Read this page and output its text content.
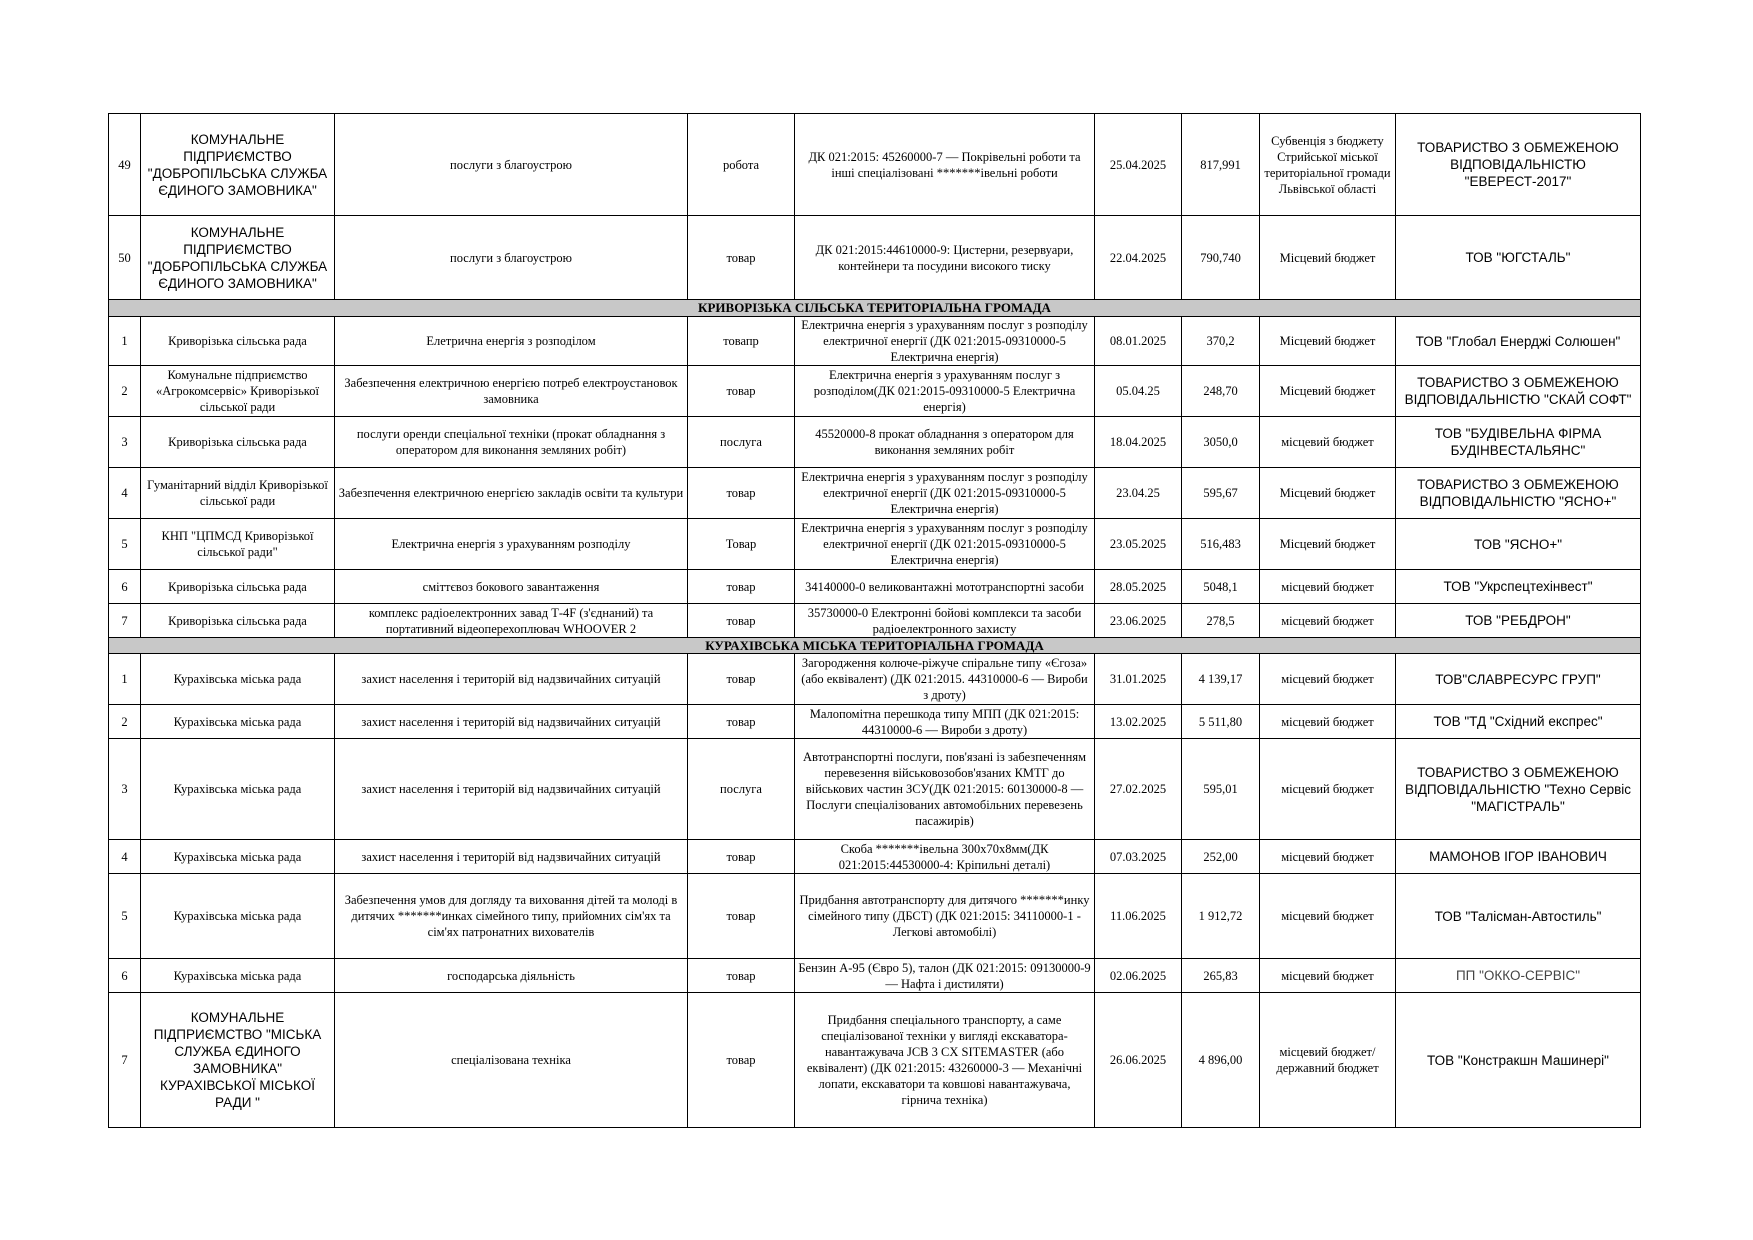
49	КОМУНАЛЬНЕ ПІДПРИЄМСТВО "ДОБРОПІЛЬСЬКА СЛУЖБА ЄДИНОГО ЗАМОВНИКА"	послуги з благоустрою	робота	ДК 021:2015: 45260000-7 — Покрівельні роботи та інші спеціалізовані *******івельні роботи	25.04.2025	817,991	Субвенція з бюджету Стрийської міської територіальної громади Львівської області	ТОВАРИСТВО З ОБМЕЖЕНОЮ ВІДПОВІДАЛЬНІСТЮ "ЕВЕРЕСТ-2017"
50	КОМУНАЛЬНЕ ПІДПРИЄМСТВО "ДОБРОПІЛЬСЬКА СЛУЖБА ЄДИНОГО ЗАМОВНИКА"	послуги з благоустрою	товар	ДК 021:2015:44610000-9: Цистерни, резервуари, контейнери та посудини високого тиску	22.04.2025	790,740	Місцевий бюджет	ТОВ "ЮГСТАЛЬ"
КРИВОРІЗЬКА СІЛЬСЬКА ТЕРИТОРІАЛЬНА ГРОМАДА								
1	Криворізька сільська рада	Елетрична енергія з розподілом	товапр	Електрична енергія з урахуванням послуг з розподілу електричної енергії (ДК 021:2015-09310000-5 Електрична енергія)	08.01.2025	370,2	Місцевий бюджет	ТОВ "Глобал Енерджі Солюшен"
2	Комунальне підприємство «Агрокомсервіс» Криворізької сільської ради	Забезпечення електричною енергією потреб електроустановок замовника	товар	Електрична енергія з урахуванням послуг з розподілом(ДК 021:2015-09310000-5 Електрична енергія)	05.04.25	248,70	Місцевий бюджет	ТОВАРИСТВО З ОБМЕЖЕНОЮ ВІДПОВІДАЛЬНІСТЮ "СКАЙ СОФТ"
3	Криворізька сільська рада	послуги оренди спеціальної техніки (прокат обладнання з оператором для виконання земляних робіт)	послуга	45520000-8 прокат обладнання з оператором для виконання земляних робіт	18.04.2025	3050,0	місцевий бюджет	ТОВ "БУДІВЕЛЬНА ФІРМА БУДІНВЕСТАЛЬЯНС"
4	Гуманітарний відділ Криворізької сільської ради	Забезпечення електричною енергією закладів освіти та культури	товар	Електрична енергія з урахуванням послуг з розподілу електричної енергії (ДК 021:2015-09310000-5 Електрична енергія)	23.04.25	595,67	Місцевий бюджет	ТОВАРИСТВО З ОБМЕЖЕНОЮ ВІДПОВІДАЛЬНІСТЮ "ЯСНО+"
5	КНП "ЦПМСД Криворізької сільської ради"	Електрична енергія з урахуванням розподілу	Товар	Електрична енергія з урахуванням послуг з розподілу електричної енергії (ДК 021:2015-09310000-5 Електрична енергія)	23.05.2025	516,483	Місцевий бюджет	ТОВ "ЯСНО+"
6	Криворізька сільська рада	сміттєвоз бокового завантаження	товар	34140000-0 великовантажні мототранспортні засоби	28.05.2025	5048,1	місцевий бюджет	ТОВ "Укрспецтехінвест"
7	Криворізька сільська рада	комплекс радіоелектронних завад Т-4F (з'єднаний) та портативний відеоперехоплювач WHOOVER 2	товар	35730000-0 Електронні бойові комплекси та засоби радіоелектронного захисту	23.06.2025	278,5	місцевий бюджет	ТОВ "РЕБДРОН"
КУРАХІВСЬКА МІСЬКА ТЕРИТОРІАЛЬНА ГРОМАДА								
1	Курахівська міська рада	захист населення і територій від надзвичайних ситуацій	товар	Загородження колюче-ріжуче спіральне типу «Єгоза» (або еквівалент) (ДК 021:2015. 44310000-6 — Вироби з дроту)	31.01.2025	4 139,17	місцевий бюджет	ТОВ"СЛАВРЕСУРС ГРУП"
2	Курахівська міська рада	захист населення і територій від надзвичайних ситуацій	товар	Малопомітна перешкода типу МПП (ДК 021:2015: 44310000-6 — Вироби з дроту)	13.02.2025	5 511,80	місцевий бюджет	ТОВ "ТД "Східний експрес"
3	Курахівська міська рада	захист населення і територій від надзвичайних ситуацій	послуга	Автотранспортні послуги, пов'язані із забезпеченням перевезення військовозобов'язаних КМТГ до військових частин ЗСУ(ДК 021:2015: 60130000-8 — Послуги спеціалізованих автомобільних перевезень пасажирів)	27.02.2025	595,01	місцевий бюджет	ТОВАРИСТВО З ОБМЕЖЕНОЮ ВІДПОВІДАЛЬНІСТЮ "Техно Сервіс "МАГІСТРАЛЬ"
4	Курахівська міська рада	захист населення і територій від надзвичайних ситуацій	товар	Скоба *******івельна 300х70х8мм(ДК 021:2015:44530000-4: Кріпильні деталі)	07.03.2025	252,00	місцевий бюджет	МАМОНОВ ІГОР ІВАНОВИЧ
5	Курахівська міська рада	Забезпечення умов для догляду та виховання дітей та молоді в дитячих *******инках сімейного типу, прийомних сім'ях та сім'ях патронатних вихователів	товар	Придбання автотранспорту для дитячого *******инку сімейного типу (ДБСТ) (ДК 021:2015: 34110000-1 - Легкові автомобілі)	11.06.2025	1 912,72	місцевий бюджет	ТОВ "Талісман-Автостиль"
6	Курахівська міська рада	господарська діяльність	товар	Бензин А-95 (Євро 5), талон (ДК 021:2015: 09130000-9 — Нафта і дистиляти)	02.06.2025	265,83	місцевий бюджет	ПП "ОККО-СЕРВІС"
7	КОМУНАЛЬНЕ ПІДПРИЄМСТВО "МІСЬКА СЛУЖБА ЄДИНОГО ЗАМОВНИКА" КУРАХІВСЬКОЇ МІСЬКОЇ РАДИ "	спеціалізована техніка	товар	Придбання спеціального транспорту, а саме спеціалізованої техніки у вигляді екскаватора-навантажувача JCB 3 CX SITEMASTER (або еквівалент) (ДК 021:2015: 43260000-3 — Механічні лопати, екскаватори та ковшові навантажувача, гірнича техніка)	26.06.2025	4 896,00	місцевий бюджет/державний бюджет	ТОВ "Констракшн Машинері"
